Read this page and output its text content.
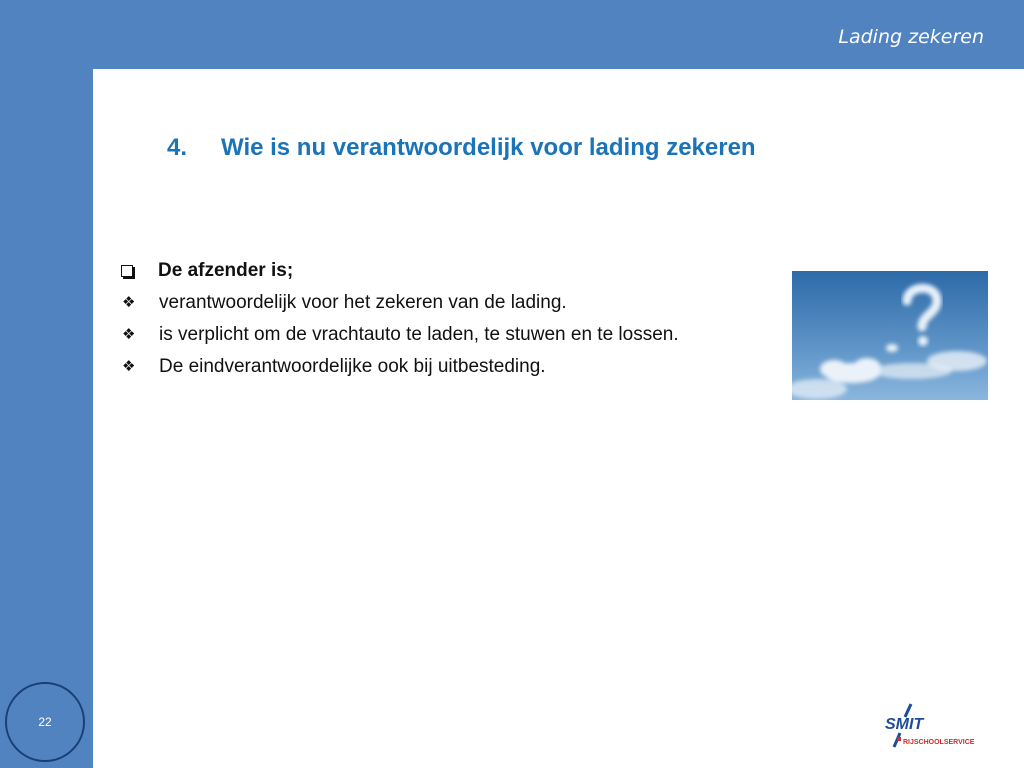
Lading zekeren
4.	Wie is nu verantwoordelijk voor lading zekeren
De afzender is;
❖	verantwoordelijk voor het zekeren van de lading.
❖	is verplicht om de vrachtauto te laden, te stuwen en te lossen.
❖	De eindverantwoordelijke ook bij uitbesteding.
SMIT
RIJSCHOOLSERVICE
22
